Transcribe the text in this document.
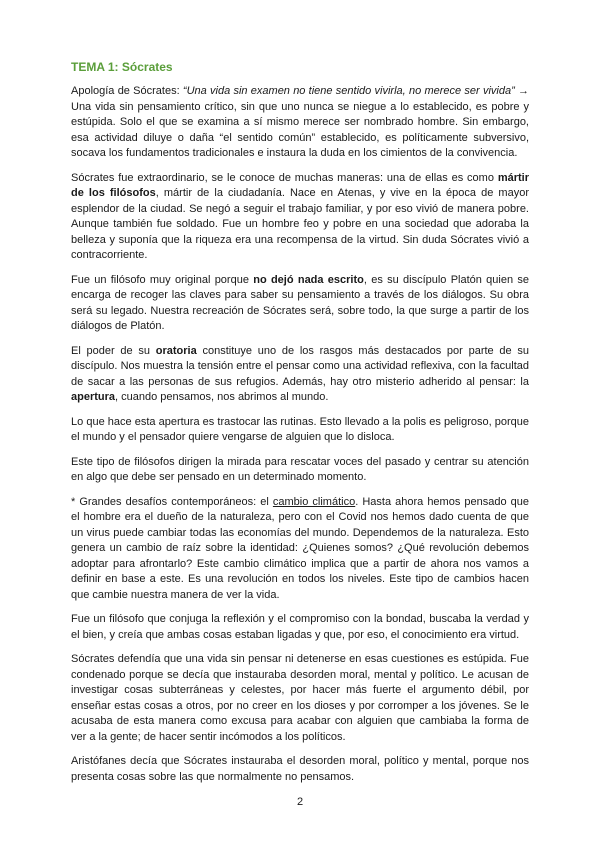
TEMA 1: Sócrates

Apología de Sócrates: “Una vida sin examen no tiene sentido vivirla, no merece ser vivida” → Una vida sin pensamiento crítico, sin que uno nunca se niegue a lo establecido, es pobre y estúpida. Solo el que se examina a sí mismo merece ser nombrado hombre. Sin embargo, esa actividad diluye o daña “el sentido común” establecido, es políticamente subversivo, socava los fundamentos tradicionales e instaura la duda en los cimientos de la convivencia.

Sócrates fue extraordinario, se le conoce de muchas maneras: una de ellas es como mártir de los filósofos, mártir de la ciudadanía. Nace en Atenas, y vive en la época de mayor esplendor de la ciudad. Se negó a seguir el trabajo familiar, y por eso vivió de manera pobre. Aunque también fue soldado. Fue un hombre feo y pobre en una sociedad que adoraba la belleza y suponía que la riqueza era una recompensa de la virtud. Sin duda Sócrates vivió a contracorriente.

Fue un filósofo muy original porque no dejó nada escrito, es su discípulo Platón quien se encarga de recoger las claves para saber su pensamiento a través de los diálogos. Su obra será su legado. Nuestra recreación de Sócrates será, sobre todo, la que surge a partir de los diálogos de Platón.

El poder de su oratoria constituye uno de los rasgos más destacados por parte de su discípulo. Nos muestra la tensión entre el pensar como una actividad reflexiva, con la facultad de sacar a las personas de sus refugios. Además, hay otro misterio adherido al pensar: la apertura, cuando pensamos, nos abrimos al mundo.

Lo que hace esta apertura es trastocar las rutinas. Esto llevado a la polis es peligroso, porque el mundo y el pensador quiere vengarse de alguien que lo disloca.

Este tipo de filósofos dirigen la mirada para rescatar voces del pasado y centrar su atención en algo que debe ser pensado en un determinado momento.

* Grandes desafíos contemporáneos: el cambio climático. Hasta ahora hemos pensado que el hombre era el dueño de la naturaleza, pero con el Covid nos hemos dado cuenta de que un virus puede cambiar todas las economías del mundo. Dependemos de la naturaleza. Esto genera un cambio de raíz sobre la identidad: ¿Quienes somos? ¿Qué revolución debemos adoptar para afrontarlo? Este cambio climático implica que a partir de ahora nos vamos a definir en base a este. Es una revolución en todos los niveles. Este tipo de cambios hacen que cambie nuestra manera de ver la vida.

Fue un filósofo que conjuga la reflexión y el compromiso con la bondad, buscaba la verdad y el bien, y creía que ambas cosas estaban ligadas y que, por eso, el conocimiento era virtud.

Sócrates defendía que una vida sin pensar ni detenerse en esas cuestiones es estúpida. Fue condenado porque se decía que instauraba desorden moral, mental y político. Le acusan de investigar cosas subterráneas y celestes, por hacer más fuerte el argumento débil, por enseñar estas cosas a otros, por no creer en los dioses y por corromper a los jóvenes. Se le acusaba de esta manera como excusa para acabar con alguien que cambiaba la forma de ver a la gente; de hacer sentir incómodos a los políticos.

Aristófanes decía que Sócrates instauraba el desorden moral, político y mental, porque nos presenta cosas sobre las que normalmente no pensamos.

2
